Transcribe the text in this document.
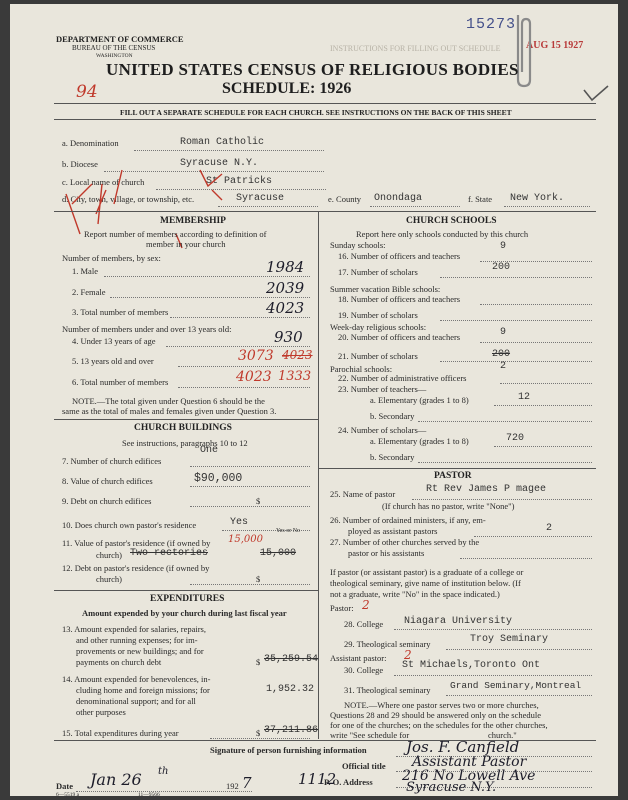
15273
AUG 15 1927
94
DEPARTMENT OF COMMERCE
BUREAU OF THE CENSUS
WASHINGTON
INSTRUCTIONS FOR FILLING OUT SCHEDULE
UNITED STATES CENSUS OF RELIGIOUS BODIES
SCHEDULE: 1926
FILL OUT A SEPARATE SCHEDULE FOR EACH CHURCH. SEE INSTRUCTIONS ON THE BACK OF THIS SHEET
a. Denomination	Roman Catholic
b. Diocese	Syracuse N.Y.
c. Local name of church	St Patricks
d. City, town, village, or township, etc.	Syracuse	e. County Onondaga	f. State New York.
MEMBERSHIP
Report number of members according to definition of
member in your church
Number of members, by sex:
1. Male	1984
2. Female	2039
3. Total number of members	4023
Number of members under and over 13 years old:
4. Under 13 years of age	930
5. 13 years old and over	3073 4023
6. Total number of members	4023 1333
NOTE.—The total given under Question 6 should be the
same as the total of males and females given under Question 3.
CHURCH BUILDINGS
See instructions, paragraphs 10 to 12
7. Number of church edifices
One
8. Value of church edifices	$90,000
9. Debt on church edifices	$
10. Does church own pastor's residence	Yes
Yes or No
11. Value of pastor's residence (if owned by
church) Two rectories	15,000
15,000
12. Debt on pastor's residence (if owned by
church)	$
EXPENDITURES
Amount expended by your church during last fiscal year
13. Amount expended for salaries, repairs,
and other running expenses; for im-
provements or new buildings; and for
payments on church debt	$ 35,259.54
14. Amount expended for benevolences, in-
cluding home and foreign missions; for
denominational support; and for all
other purposes
1,952.32
15. Total expenditures during year	$ 37,211.86
CHURCH SCHOOLS
Report here only schools conducted by this church
Sunday schools:	9
16. Number of officers and teachers
17. Number of scholars	200
Summer vacation Bible schools:
18. Number of officers and teachers
19. Number of scholars
Week-day religious schools:
20. Number of officers and teachers	9
21. Number of scholars	200
Parochial schools:	2
22. Number of administrative officers
23. Number of teachers—
a. Elementary (grades 1 to 8)	12
b. Secondary
24. Number of scholars—
a. Elementary (grades 1 to 8)	720
b. Secondary
PASTOR
25. Name of pastor	Rt Rev James P magee
(If church has no pastor, write "None")
26. Number of ordained ministers, if any, em-
ployed as assistant pastors	2
27. Number of other churches served by the
pastor or his assistants
If pastor (or assistant pastor) is a graduate of a college or
theological seminary, give name of institution below. (If
not a graduate, write "No" in the space indicated.)
Pastor: 2
28. College Niagara University
29. Theological seminary	Troy Seminary
Assistant pastor: 2
30. College St Michaels,Toronto Ont
31. Theological seminary Grand Seminary,Montreal
NOTE.—Where one pastor serves two or more churches,
Questions 28 and 29 should be answered only on the schedule
for one of the churches; on the schedules for the other churches,
write "See schedule for	church."
Signature of person furnishing information	Jos. F. Canfield
Official title Assistant Pastor
P. O. Address 216 No Lowell Ave
Syracuse N.Y.
Date Jan 26 th
192 7
6—5519 a	11—9566
1112
